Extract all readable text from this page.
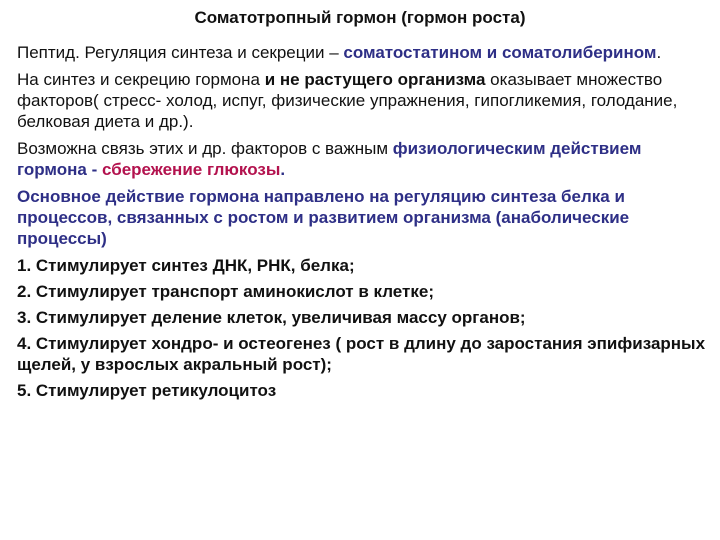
Соматотропный гормон (гормон роста)

Пептид. Регуляция синтеза и секреции – соматостатином и соматолиберином.

На синтез и секрецию гормона и не растущего организма оказывает множество факторов( стресс- холод, испуг, физические упражнения, гипогликемия, голодание, белковая диета и др.).

Возможна связь этих и др. факторов с важным физиологическим действием гормона - сбережение глюкозы.

Основное действие гормона направлено на регуляцию синтеза белка и процессов, связанных с ростом и развитием организма (анаболические процессы)

1. Стимулирует синтез ДНК, РНК, белка;

2. Стимулирует транспорт аминокислот в клетке;

3. Стимулирует деление клеток, увеличивая массу органов;

4. Стимулирует хондро- и остеогенез ( рост в длину до заростания эпифизарных щелей, у взрослых акральный рост);

5. Стимулирует ретикулоцитоз
